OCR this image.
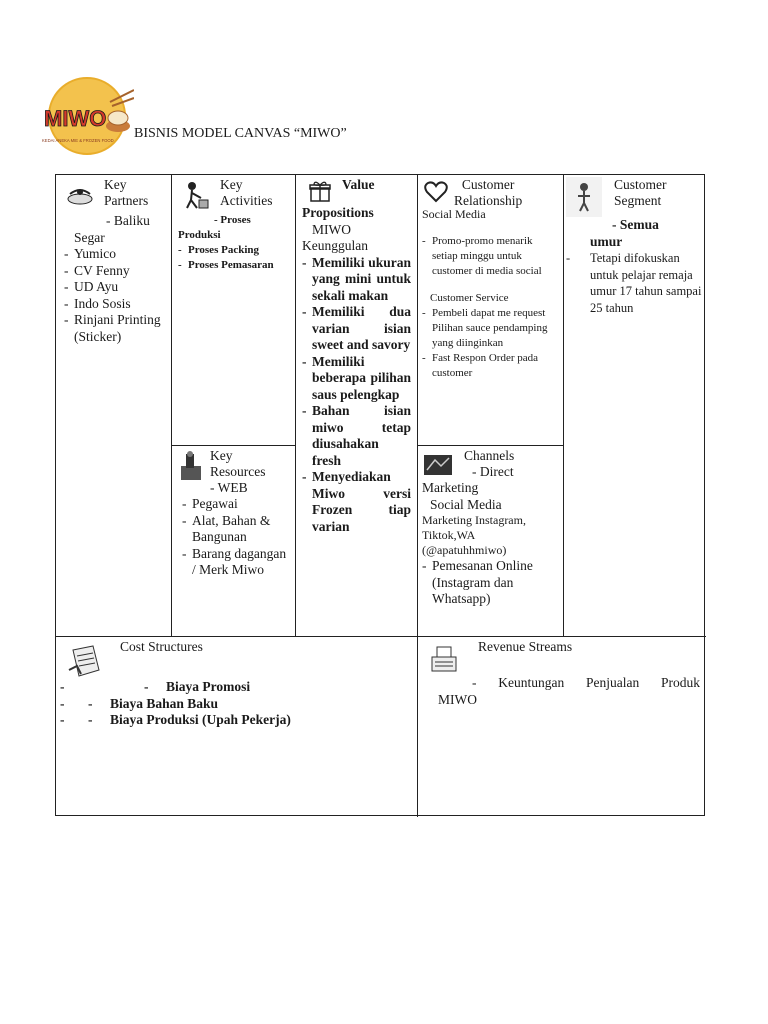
MIWO
KEDAI ANEKA MIE & FROZEN FOOD BISNIS MODEL CANVAS “MIWO”
Key
Partners
- Baliku
Segar
- Yumico
- CV Fenny
- UD Ayu
- Indo Sosis
- Rinjani Printing (Sticker)
Key
Activities
- Proses
Produksi
- Proses Packing
- Proses Pemasaran
Key
Resources
- WEB
- Pegawai
- Alat, Bahan & Bangunan
- Barang dagangan / Merk Miwo
Value
Propositions
MIWO
Keunggulan
- Memiliki ukuran yang mini untuk sekali makan
- Memiliki dua varian isian sweet and savory
- Memiliki beberapa pilihan saus pelengkap
- Bahan isian miwo tetap diusahakan fresh
- Menyediakan Miwo versi Frozen tiap varian
Customer
Relationship
Social Media
- Promo-promo menarik setiap minggu untuk customer di media social
Customer Service
- Pembeli dapat me request
Pilihan sauce pendamping yang diinginkan
- Fast Respon Order pada customer
Channels
- Direct
Marketing
Social Media
Marketing Instagram, Tiktok,WA (@apatuhhmiwo)
- Pemesanan Online (Instagram dan Whatsapp)
Customer
Segment
- Semua
umur
- Tetapi difokuskan untuk pelajar remaja umur 17 tahun sampai 25 tahun
Cost Structures
- - Biaya Promosi
- - Biaya Bahan Baku
- - Biaya Produksi (Upah Pekerja)
Revenue Streams
- Keuntungan Penjualan Produk
MIWO
